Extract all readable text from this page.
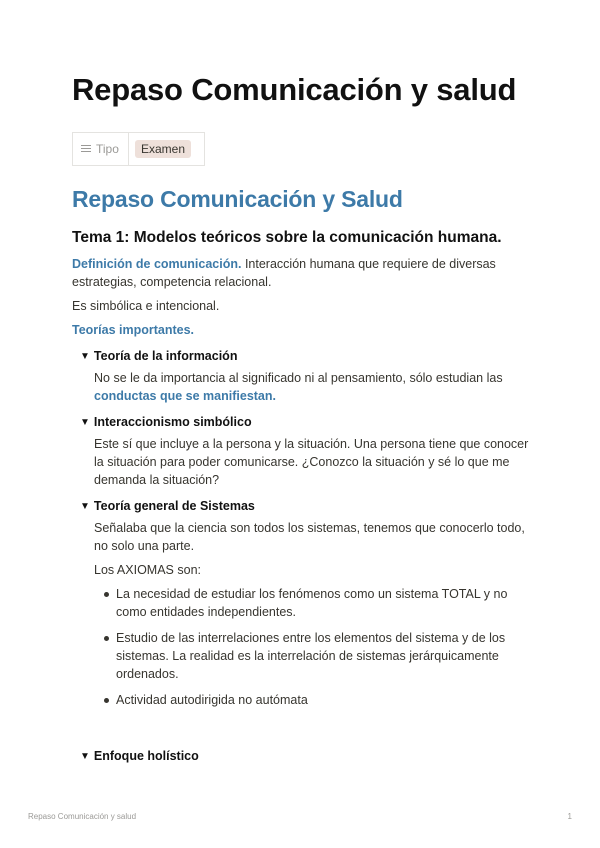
Repaso Comunicación y salud
Tipo	Examen
Repaso Comunicación y Salud
Tema 1: Modelos teóricos sobre la comunicación humana.

Definición de comunicación. Interacción humana que requiere de diversas estrategias, competencia relacional.

Es simbólica e intencional.

Teorías importantes.

▼ Teoría de la información

No se le da importancia al significado ni al pensamiento, sólo estudian las conductas que se manifiestan.

▼ Interaccionismo simbólico

Este sí que incluye a la persona y la situación. Una persona tiene que conocer la situación para poder comunicarse. ¿Conozco la situación y sé lo que me demanda la situación?

▼ Teoría general de Sistemas

Señalaba que la ciencia son todos los sistemas, tenemos que conocerlo todo, no solo una parte.

Los AXIOMAS son:

La necesidad de estudiar los fenómenos como un sistema TOTAL y no como entidades independientes.
Estudio de las interrelaciones entre los elementos del sistema y de los sistemas. La realidad es la interrelación de sistemas jerárquicamente ordenados.
Actividad autodirigida no autómata
▼ Enfoque holístico
Repaso Comunicación y salud	1
